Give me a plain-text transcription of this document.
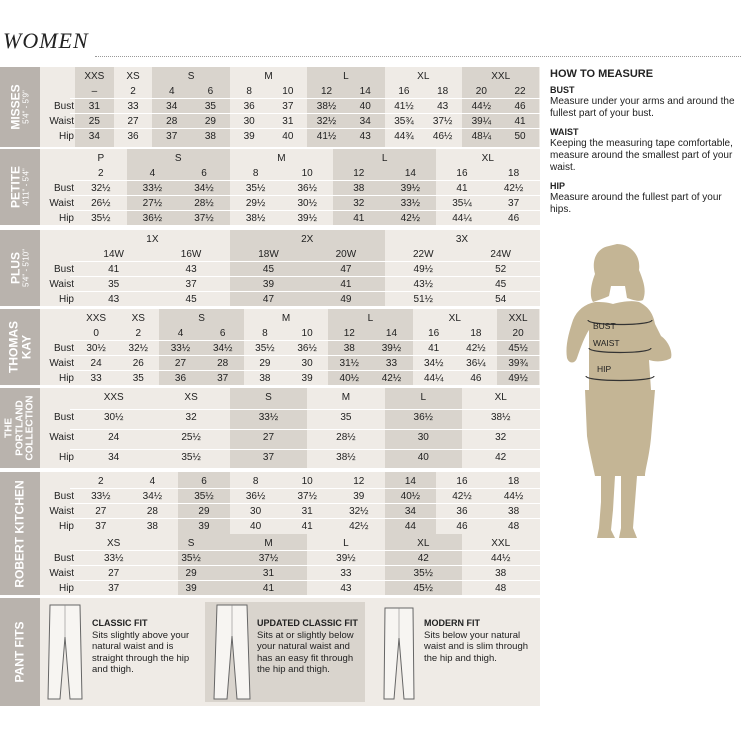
WOMEN
MISSES
5'4" - 5'9"
XXS	XS	S	M	L	XL	XXL
–	2	4	6	8	10	12	14	16	18	20	22
Bust	31	33	34	35	36	37	38½	40	41½	43	44½	46
Waist	25	27	28	29	30	31	32½	34	35¾	37½	39¼	41
Hip	34	36	37	38	39	40	41½	43	44¾	46½	48¼	50
PETITE
4'11" - 5'4"
P	S	M	L	XL
2	4	6	8	10	12	14	16	18
Bust	32½	33½	34½	35½	36½	38	39½	41	42½
Waist	26½	27½	28½	29½	30½	32	33½	35¼	37
Hip	35½	36½	37½	38½	39½	41	42½	44¼	46
PLUS
5'4" - 5'10"
1X	2X	3X
14W	16W	18W	20W	22W	24W
Bust	41	43	45	47	49½	52
Waist	35	37	39	41	43½	45
Hip	43	45	47	49	51½	54
THOMAS KAY
XXS	XS	S	M	L	XL	XXL
0	2	4	6	8	10	12	14	16	18	20
Bust	30½	32½	33½	34½	35½	36½	38	39½	41	42½	45½
Waist	24	26	27	28	29	30	31½	33	34½	36¼	39¾
Hip	33	35	36	37	38	39	40½	42½	44¼	46	49½
THE PORTLAND COLLECTION	XXS	XS	S	M	L	XL
Bust	30½	32	33½	35	36½	38½
Waist	24	25½	27	28½	30	32
Hip	34	35½	37	38½	40	42
ROBERT KITCHEN	2	4	6	8	10	12	14	16	18
Bust	33½	34½	35½	36½	37½	39	40½	42½	44½
Waist	27	28	29	30	31	32½	34	36	38
Hip	37	38	39	40	41	42½	44	46	48
XS	S	M	L	XL	XXL
Bust	33½	35½	37½	39½	42	44½
Waist	27	29	31	33	35½	38
Hip	37	39	41	43	45½	48
PANT FITS	CLASSIC FIT
Sits slightly above your natural waist and is straight through the hip and thigh.
UPDATED CLASSIC FIT
Sits at or slightly below your natural waist and has an easy fit through the hip and thigh.
MODERN FIT
Sits below your natural waist and is slim through the hip and thigh.
HOW TO MEASURE
BUST

Measure under your arms and around the fullest part of your bust.

WAIST

Keeping the measuring tape comfortable, measure around the smallest part of your waist.

HIP

Measure around the fullest part of your hips.

BUST
WAIST
HIP
